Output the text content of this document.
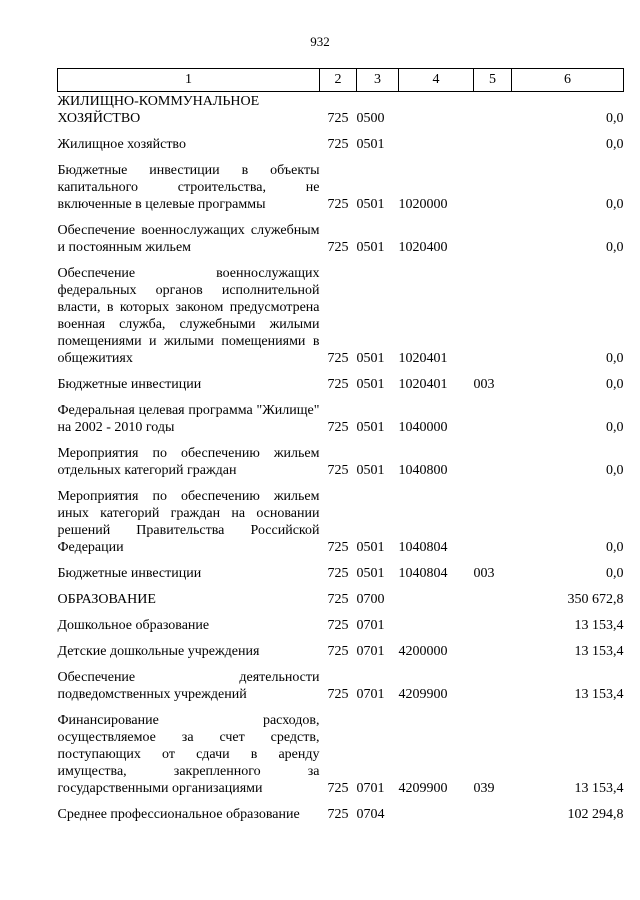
932
1	2	3	4	5	6
ЖИЛИЩНО-КОММУНАЛЬНОЕ ХОЗЯЙСТВО	725	0500			0,0
Жилищное хозяйство	725	0501			0,0
Бюджетные инвестиции в объекты капитального строительства, не включенные в целевые программы	725	0501	1020000		0,0
Обеспечение военнослужащих служебным и постоянным жильем	725	0501	1020400		0,0
Обеспечение военнослужащих федеральных органов исполнительной власти, в которых законом предусмотрена военная служба, служебными жилыми помещениями и жилыми помещениями в общежитиях	725	0501	1020401		0,0
Бюджетные инвестиции	725	0501	1020401	003	0,0
Федеральная целевая программа "Жилище" на 2002 - 2010 годы	725	0501	1040000		0,0
Мероприятия по обеспечению жильем отдельных категорий граждан	725	0501	1040800		0,0
Мероприятия по обеспечению жильем иных категорий граждан на основании решений Правительства Российской Федерации	725	0501	1040804		0,0
Бюджетные инвестиции	725	0501	1040804	003	0,0
ОБРАЗОВАНИЕ	725	0700			350 672,8
Дошкольное образование	725	0701			13 153,4
Детские дошкольные учреждения	725	0701	4200000		13 153,4
Обеспечение деятельности подведомственных учреждений	725	0701	4209900		13 153,4
Финансирование расходов, осуществляемое за счет средств, поступающих от сдачи в аренду имущества, закрепленного за государственными организациями	725	0701	4209900	039	13 153,4
Среднее профессиональное образование	725	0704			102 294,8
